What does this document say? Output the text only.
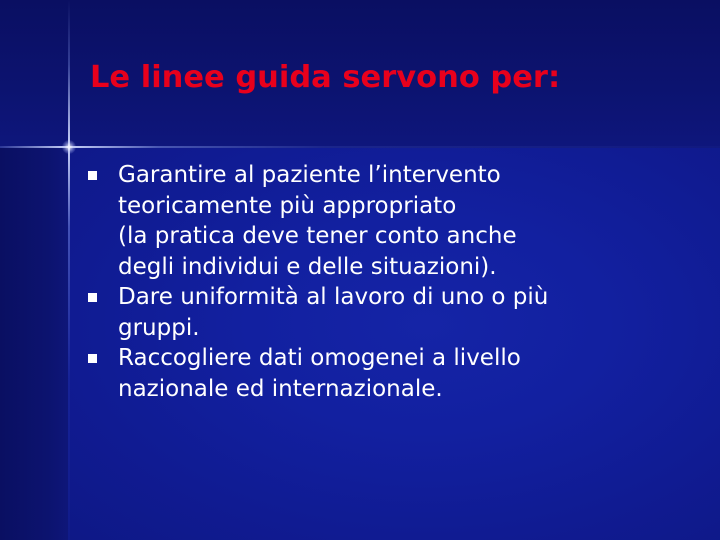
Le linee guida servono per:
Garantire al paziente l’intervento
teoricamente più appropriato
(la pratica deve tener conto anche
degli individui e delle situazioni).
Dare uniformità al lavoro di uno o più
gruppi.
Raccogliere dati omogenei a livello
nazionale ed internazionale.
